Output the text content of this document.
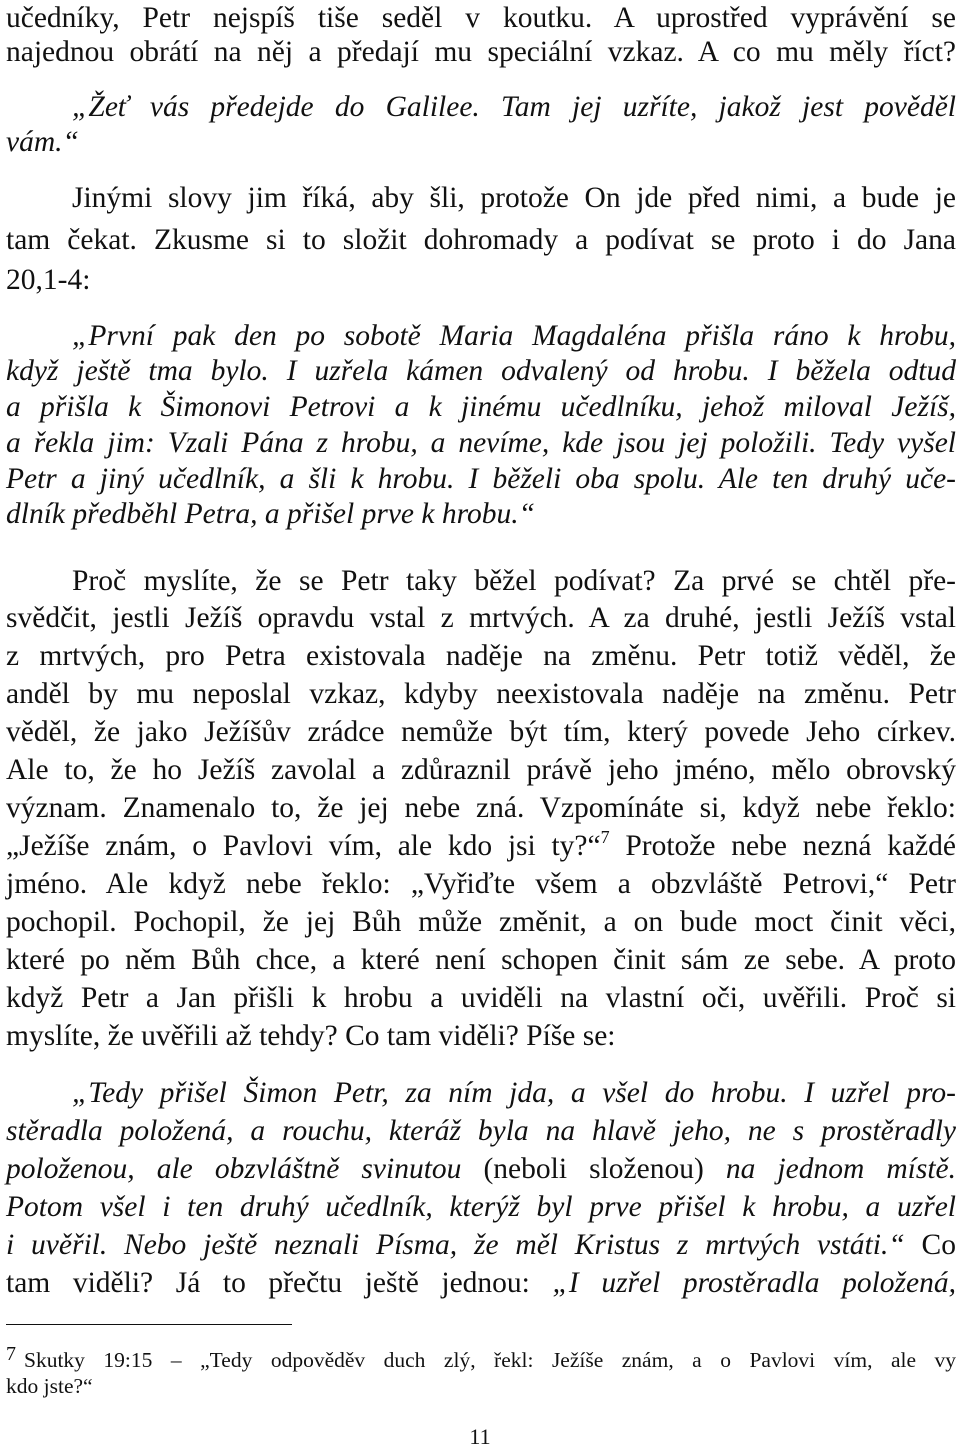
učedníky, Petr nejspíš tiše seděl v koutku. A uprostřed vyprávění se
najednou obrátí na něj a předají mu speciální vzkaz. A co mu měly říct?
„Žeť vás předejde do Galilee. Tam jej uzříte, jakož jest pověděl
vám.“
Jinými slovy jim říká, aby šli, protože On jde před nimi, a bude je
tam čekat. Zkusme si to složit dohromady a podívat se proto i do Jana
20,1-4:
„První pak den po sobotě Maria Magdaléna přišla ráno k hrobu,
když ještě tma bylo. I uzřela kámen odvalený od hrobu. I běžela odtud
a přišla k Šimonovi Petrovi a k jinému učedlníku, jehož miloval Ježíš,
a řekla jim: Vzali Pána z hrobu, a nevíme, kde jsou jej položili. Tedy vyšel
Petr a jiný učedlník, a šli k hrobu. I běželi oba spolu. Ale ten druhý uče-
dlník předběhl Petra, a přišel prve k hrobu.“
Proč myslíte, že se Petr taky běžel podívat? Za prvé se chtěl pře-
svědčit, jestli Ježíš opravdu vstal z mrtvých. A za druhé, jestli Ježíš vstal
z mrtvých, pro Petra existovala naděje na změnu. Petr totiž věděl, že
anděl by mu neposlal vzkaz, kdyby neexistovala naděje na změnu. Petr
věděl, že jako Ježíšův zrádce nemůže být tím, který povede Jeho církev.
Ale to, že ho Ježíš zavolal a zdůraznil právě jeho jméno, mělo obrovský
význam. Znamenalo to, že jej nebe zná. Vzpomínáte si, když nebe řeklo:
„Ježíše znám, o Pavlovi vím, ale kdo jsi ty?“$^7$ Protože nebe nezná každé
jméno. Ale když nebe řeklo: „Vyřiďte všem a obzvláště Petrovi,“ Petr
pochopil. Pochopil, že jej Bůh může změnit, a on bude moct činit věci,
které po něm Bůh chce, a které není schopen činit sám ze sebe. A proto
když Petr a Jan přišli k hrobu a uviděli na vlastní oči, uvěřili. Proč si
myslíte, že uvěřili až tehdy? Co tam viděli? Píše se:
„Tedy přišel Šimon Petr, za ním jda, a všel do hrobu. I uzřel pro-
stěradla položená, a rouchu, kteráž byla na hlavě jeho, ne s prostěradly
položenou, ale obzvláštně svinutou (neboli složenou) na jednom místě.
Potom všel i ten druhý učedlník, kterýž byl prve přišel k hrobu, a uzřel
i uvěřil. Nebo ještě neznali Písma, že měl Kristus z mrtvých vstáti.“ Co
tam viděli? Já to přečtu ještě jednou: „I uzřel prostěradla položená,
7 Skutky 19:15 – „Tedy odpověděv duch zlý, řekl: Ježíše znám, a o Pavlovi vím, ale vy
kdo jste?“
11
